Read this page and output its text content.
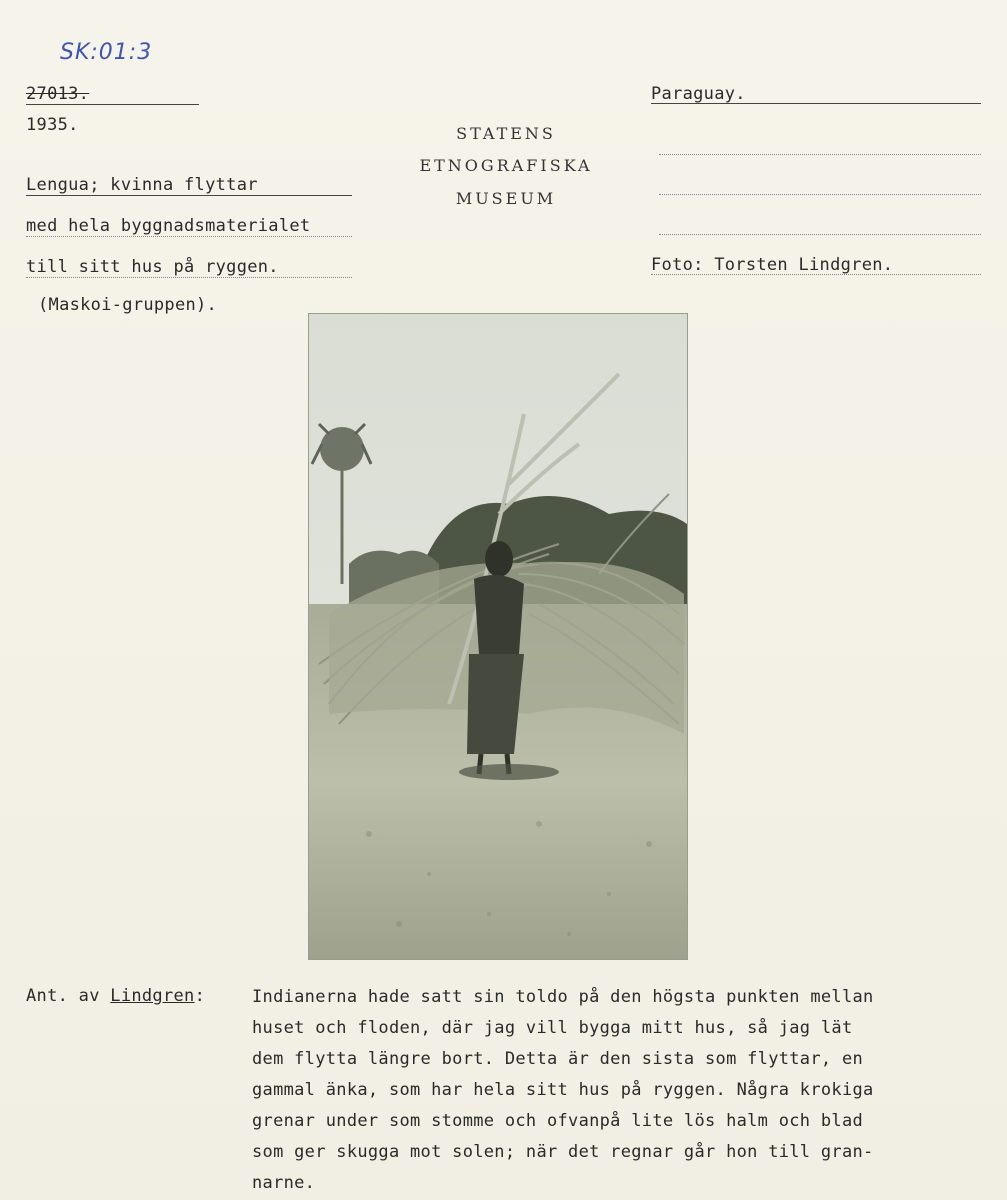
SK:01:3
27013.
1935.
Lengua; kvinna flyttar
med hela byggnadsmaterialet
till sitt hus på ryggen.
(Maskoi-gruppen).
STATENS
ETNOGRAFISKA
MUSEUM
Paraguay.
Foto: Torsten Lindgren.
Ant. av Lindgren:	Indianerna hade satt sin toldo på den högsta punkten mellan
huset och floden, där jag vill bygga mitt hus, så jag lät
dem flytta längre bort. Detta är den sista som flyttar, en
gammal änka, som har hela sitt hus på ryggen. Några krokiga
grenar under som stomme och ofvanpå lite lös halm och blad
som ger skugga mot solen; när det regnar går hon till gran-
narne.
